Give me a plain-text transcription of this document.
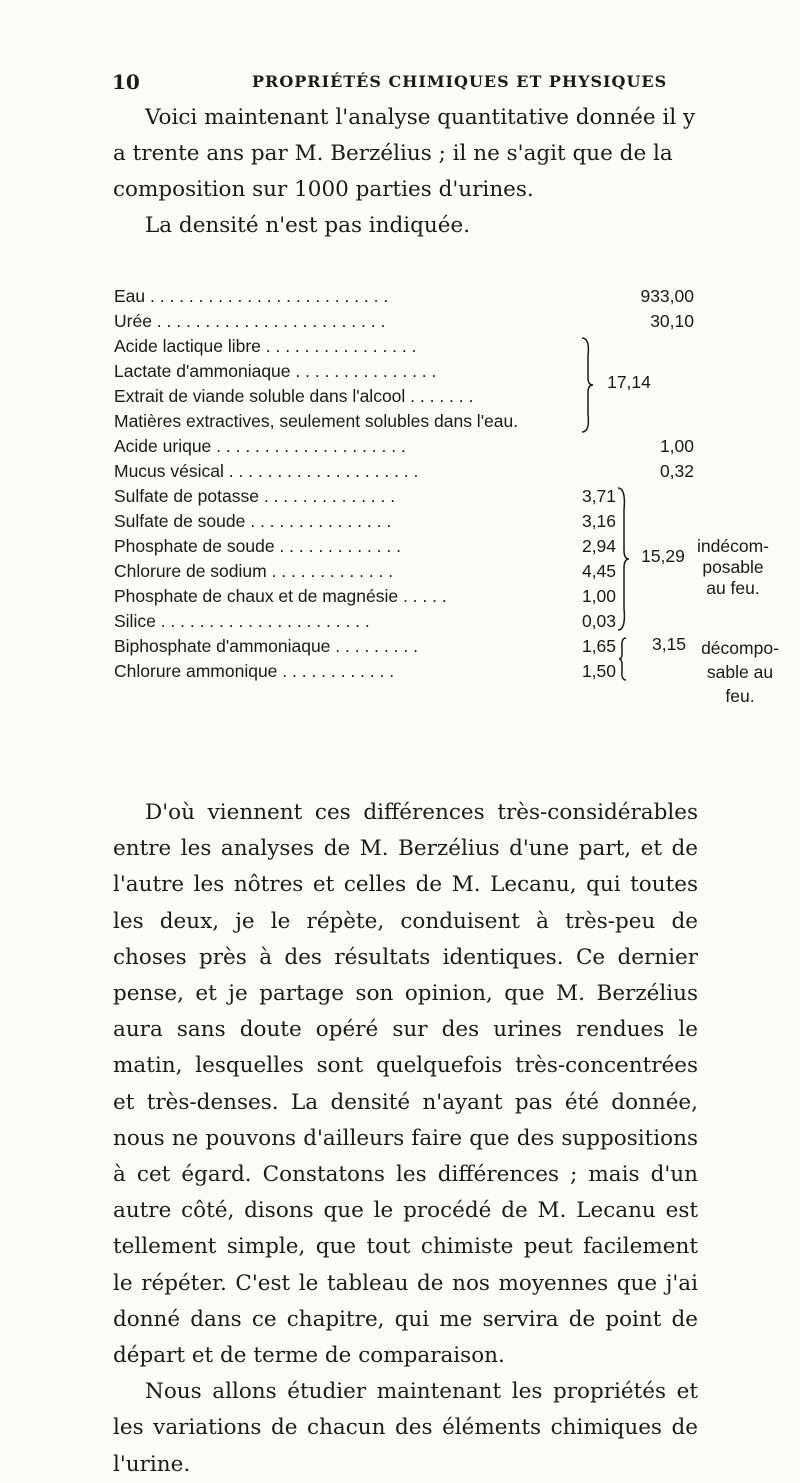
10	PROPRIÉTÉS CHIMIQUES ET PHYSIQUES

Voici maintenant l'analyse quantitative donnée il y a trente ans par M. Berzélius ; il ne s'agit que de la composition sur 1000 parties d'urines.

La densité n'est pas indiquée.

Eau . . . . . . . . . . . . . . . . . . . . . . . . .	933,00
Urée . . . . . . . . . . . . . . . . . . . . . . . .	30,10
Acide lactique libre . . . . . . . . . . . . . . . .
Lactate d'ammoniaque . . . . . . . . . . . . . . .
Extrait de viande soluble dans l'alcool . . . . . . .
Matières extractives, seulement solubles dans l'eau.
17,14
Acide urique . . . . . . . . . . . . . . . . . . . .	1,00
Mucus vésical . . . . . . . . . . . . . . . . . . . .	0,32
Sulfate de potasse . . . . . . . . . . . . . .	3,71
Sulfate de soude . . . . . . . . . . . . . . .	3,16
Phosphate de soude . . . . . . . . . . . . .	2,94
Chlorure de sodium . . . . . . . . . . . . .	4,45
Phosphate de chaux et de magnésie . . . . .	1,00
Silice . . . . . . . . . . . . . . . . . . . . . .	0,03
15,29 indécom-
posable
au feu.
Biphosphate d'ammoniaque . . . . . . . . .	1,65
Chlorure ammonique . . . . . . . . . . . .	1,50
3,15 décompo-
sable au feu.

D'où viennent ces différences très-considérables entre les analyses de M. Berzélius d'une part, et de l'autre les nôtres et celles de M. Lecanu, qui toutes les deux, je le répète, conduisent à très-peu de choses près à des résultats identiques. Ce dernier pense, et je partage son opinion, que M. Berzélius aura sans doute opéré sur des urines rendues le matin, lesquelles sont quelquefois très-concentrées et très-denses. La densité n'ayant pas été donnée, nous ne pouvons d'ailleurs faire que des suppositions à cet égard. Constatons les différences ; mais d'un autre côté, disons que le procédé de M. Lecanu est tellement simple, que tout chimiste peut facilement le répéter. C'est le tableau de nos moyennes que j'ai donné dans ce chapitre, qui me servira de point de départ et de terme de comparaison.

Nous allons étudier maintenant les propriétés et les variations de chacun des éléments chimiques de l'urine.
